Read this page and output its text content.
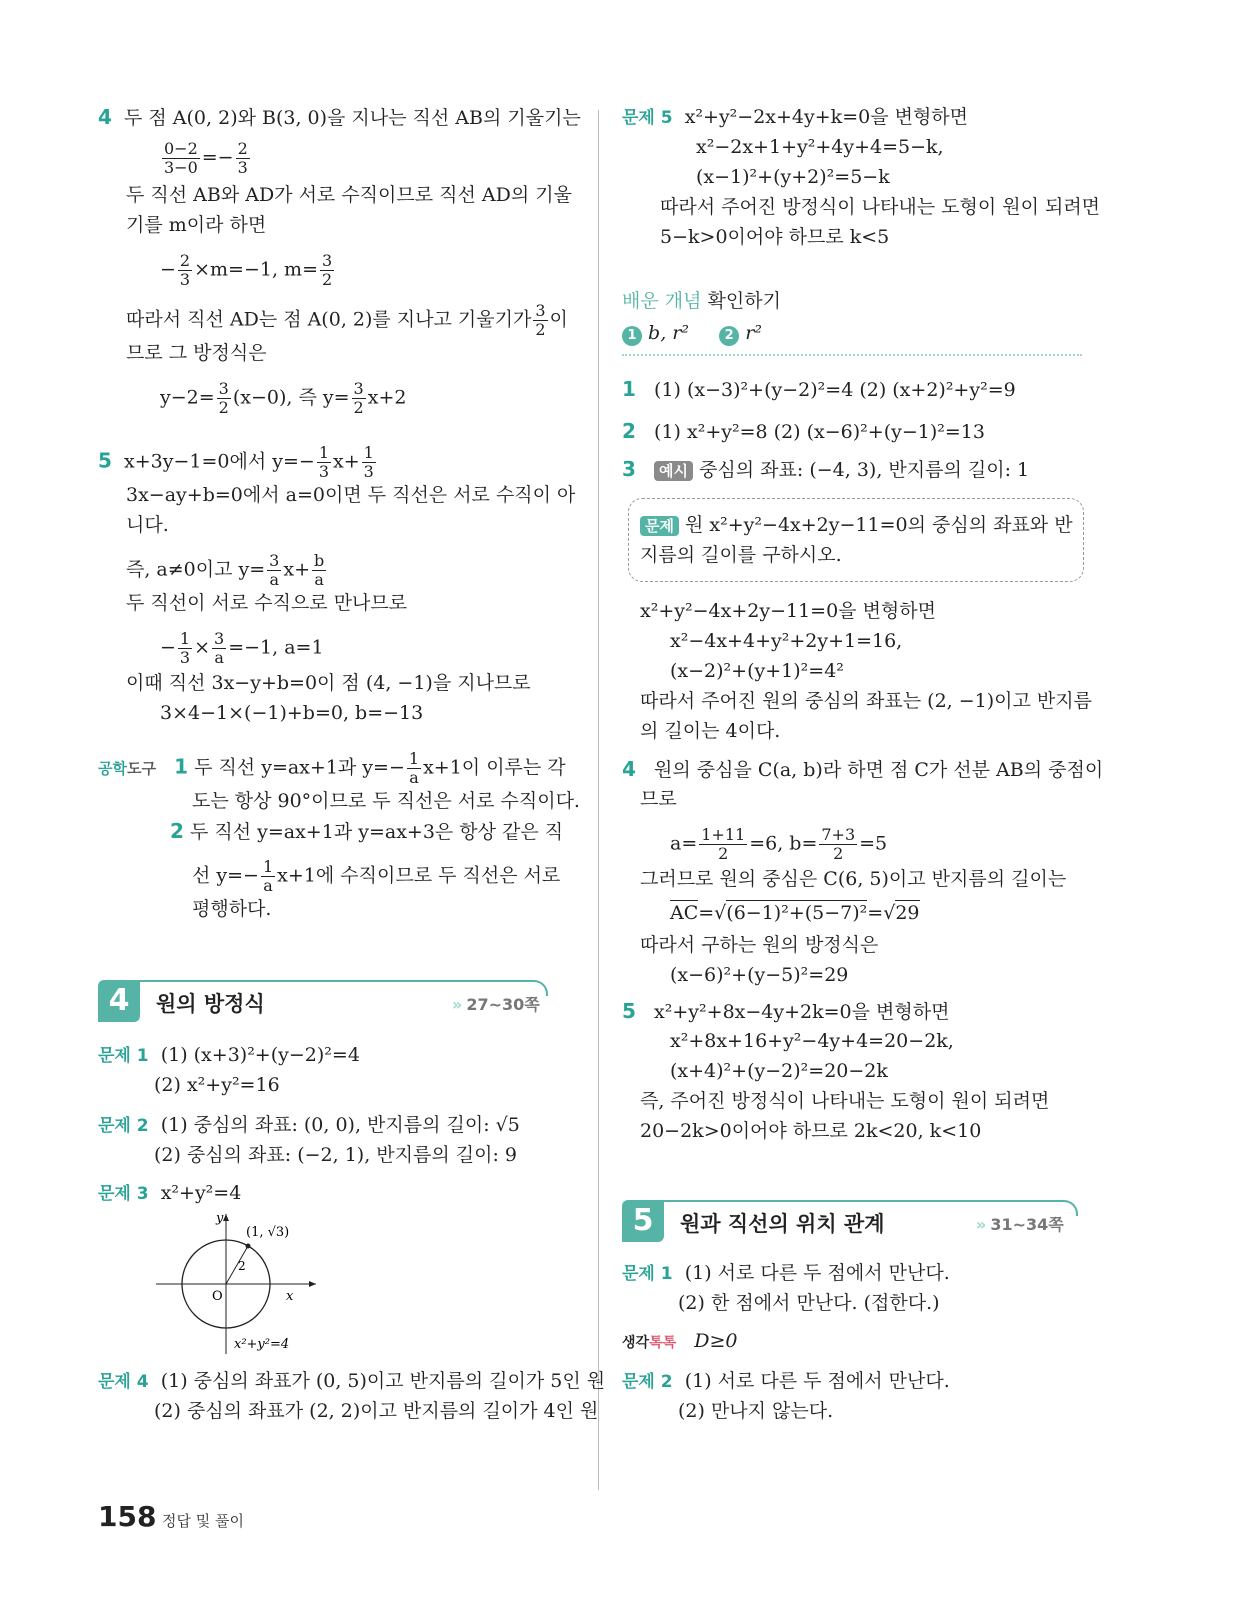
4 두 점 A(0, 2)와 B(3, 0)을 지나는 직선 AB의 기울기는
$\frac{0-2}{3-0} =- \frac{2}{3}$
두 직선 AB와 AD가 서로 수직이므로 직선 AD의 기울
기를 m이라 하면
− $\frac{2}{3} \times m=-1$, $m= \frac{3}{2}$
따라서 직선 AD는 점 A(0, 2)를 지나고 기울기가 $\frac{3}{2}$ 이
므로 그 방정식은
$y-2= \frac{3}{2} (x-0)$, 즉 $y= \frac{3}{2} x+2$
5 x+3y−1=0에서 $y=- \frac{1}{3} x+ \frac{1}{3}$
3x−ay+b=0에서 a=0이면 두 직선은 서로 수직이 아
니다.
즉, a≠0이고 $y= \frac{3}{a} x+ \frac{b}{a}$
두 직선이 서로 수직으로 만나므로
− $\frac{1}{3} \times \frac{3}{a} =-1$, a=1
이때 직선 3x−y+b=0이 점 (4, −1)을 지나므로
3×4−1×(−1)+b=0, b=−13
공학도구 1 두 직선 y=ax+1과 $y=- \frac{1}{a} x+1$이 이루는 각
도는 항상 90°이므로 두 직선은 서로 수직이다.
2 두 직선 y=ax+1과 y=ax+3은 항상 같은 직
선 $y=- \frac{1}{a} x+1$에 수직이므로 두 직선은 서로
평행하다.
4	원의 방정식	» 27~30쪽
문제 1 (1) (x+3)²+(y−2)²=4
(2) x²+y²=16
문제 2 (1) 중심의 좌표: (0, 0), 반지름의 길이: √5
(2) 중심의 좌표: (−2, 1), 반지름의 길이: 9
문제 3 x²+y²=4
y
x
O
(1, √3)
2
x²+y²=4
문제 4 (1) 중심의 좌표가 (0, 5)이고 반지름의 길이가 5인 원
(2) 중심의 좌표가 (2, 2)이고 반지름의 길이가 4인 원
문제 5 x²+y²−2x+4y+k=0을 변형하면
x²−2x+1+y²+4y+4=5−k,
(x−1)²+(y+2)²=5−k
따라서 주어진 방정식이 나타내는 도형이 원이 되려면
5−k>0이어야 하므로 k<5
배운 개념 확인하기
1 b, r²	2 r²
1 (1) (x−3)²+(y−2)²=4 (2) (x+2)²+y²=9
2 (1) x²+y²=8 (2) (x−6)²+(y−1)²=13
3 예시 중심의 좌표: (−4, 3), 반지름의 길이: 1
문제 원 x²+y²−4x+2y−11=0의 중심의 좌표와 반
지름의 길이를 구하시오.
x²+y²−4x+2y−11=0을 변형하면
x²−4x+4+y²+2y+1=16,
(x−2)²+(y+1)²=4²
따라서 주어진 원의 중심의 좌표는 (2, −1)이고 반지름
의 길이는 4이다.
4 원의 중심을 C(a, b)라 하면 점 C가 선분 AB의 중점이
므로
$a= \frac{1+11}{2} =6$, $b= \frac{7+3}{2} =5$
그러므로 원의 중심은 C(6, 5)이고 반지름의 길이는
AC=√(6−1)²+(5−7)²=√29
따라서 구하는 원의 방정식은
(x−6)²+(y−5)²=29
5 x²+y²+8x−4y+2k=0을 변형하면
x²+8x+16+y²−4y+4=20−2k,
(x+4)²+(y−2)²=20−2k
즉, 주어진 방정식이 나타내는 도형이 원이 되려면
20−2k>0이어야 하므로 2k<20, k<10
5	원과 직선의 위치 관계	» 31~34쪽
문제 1 (1) 서로 다른 두 점에서 만난다.
(2) 한 점에서 만난다. (접한다.)
생각톡톡 D≥0
문제 2 (1) 서로 다른 두 점에서 만난다.
(2) 만나지 않는다.
158 정답 및 풀이
